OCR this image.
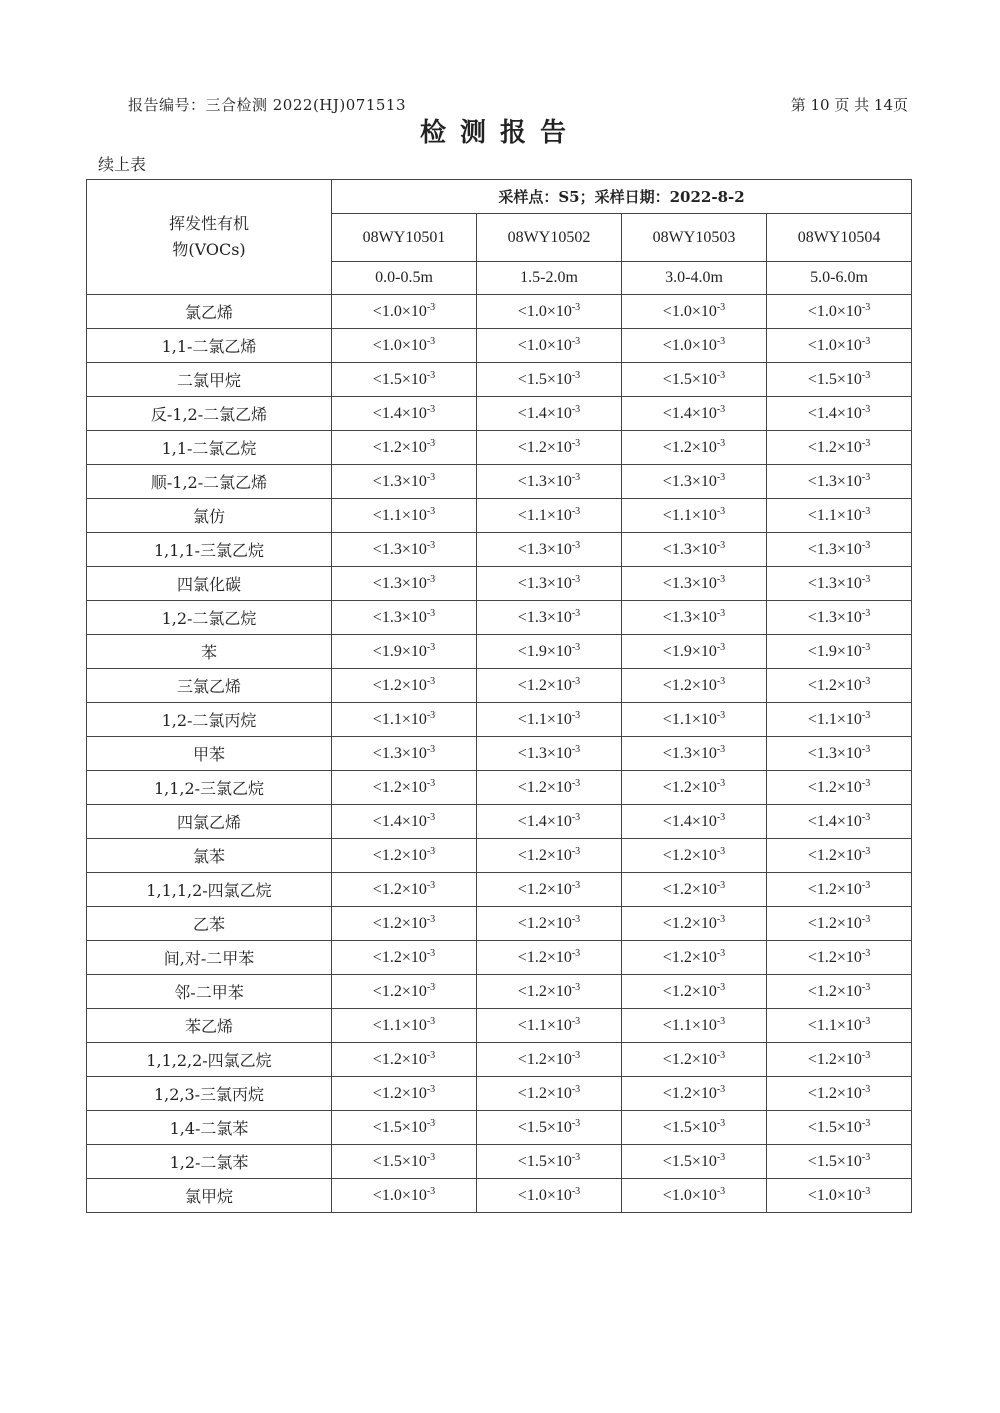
报告编号：三合检测 2022(HJ)071513	第 10 页 共 14页
检测报告
续上表
挥发性有机
物(VOCs)	采样点：S5；采样日期：2022-8-2			
	08WY10501	08WY10502	08WY10503	08WY10504
	0.0-0.5m	1.5-2.0m	3.0-4.0m	5.0-6.0m
氯乙烯	$<1.0\times 10^{-3}$	$<1.0\times 10^{-3}$	$<1.0\times 10^{-3}$	$<1.0\times 10^{-3}$
1,1-二氯乙烯	$<1.0\times 10^{-3}$	$<1.0\times 10^{-3}$	$<1.0\times 10^{-3}$	$<1.0\times 10^{-3}$
二氯甲烷	$<1.5\times 10^{-3}$	$<1.5\times 10^{-3}$	$<1.5\times 10^{-3}$	$<1.5\times 10^{-3}$
反-1,2-二氯乙烯	$<1.4\times 10^{-3}$	$<1.4\times 10^{-3}$	$<1.4\times 10^{-3}$	$<1.4\times 10^{-3}$
1,1-二氯乙烷	$<1.2\times 10^{-3}$	$<1.2\times 10^{-3}$	$<1.2\times 10^{-3}$	$<1.2\times 10^{-3}$
顺-1,2-二氯乙烯	$<1.3\times 10^{-3}$	$<1.3\times 10^{-3}$	$<1.3\times 10^{-3}$	$<1.3\times 10^{-3}$
氯仿	$<1.1\times 10^{-3}$	$<1.1\times 10^{-3}$	$<1.1\times 10^{-3}$	$<1.1\times 10^{-3}$
1,1,1-三氯乙烷	$<1.3\times 10^{-3}$	$<1.3\times 10^{-3}$	$<1.3\times 10^{-3}$	$<1.3\times 10^{-3}$
四氯化碳	$<1.3\times 10^{-3}$	$<1.3\times 10^{-3}$	$<1.3\times 10^{-3}$	$<1.3\times 10^{-3}$
1,2-二氯乙烷	$<1.3\times 10^{-3}$	$<1.3\times 10^{-3}$	$<1.3\times 10^{-3}$	$<1.3\times 10^{-3}$
苯	$<1.9\times 10^{-3}$	$<1.9\times 10^{-3}$	$<1.9\times 10^{-3}$	$<1.9\times 10^{-3}$
三氯乙烯	$<1.2\times 10^{-3}$	$<1.2\times 10^{-3}$	$<1.2\times 10^{-3}$	$<1.2\times 10^{-3}$
1,2-二氯丙烷	$<1.1\times 10^{-3}$	$<1.1\times 10^{-3}$	$<1.1\times 10^{-3}$	$<1.1\times 10^{-3}$
甲苯	$<1.3\times 10^{-3}$	$<1.3\times 10^{-3}$	$<1.3\times 10^{-3}$	$<1.3\times 10^{-3}$
1,1,2-三氯乙烷	$<1.2\times 10^{-3}$	$<1.2\times 10^{-3}$	$<1.2\times 10^{-3}$	$<1.2\times 10^{-3}$
四氯乙烯	$<1.4\times 10^{-3}$	$<1.4\times 10^{-3}$	$<1.4\times 10^{-3}$	$<1.4\times 10^{-3}$
氯苯	$<1.2\times 10^{-3}$	$<1.2\times 10^{-3}$	$<1.2\times 10^{-3}$	$<1.2\times 10^{-3}$
1,1,1,2-四氯乙烷	$<1.2\times 10^{-3}$	$<1.2\times 10^{-3}$	$<1.2\times 10^{-3}$	$<1.2\times 10^{-3}$
乙苯	$<1.2\times 10^{-3}$	$<1.2\times 10^{-3}$	$<1.2\times 10^{-3}$	$<1.2\times 10^{-3}$
间,对-二甲苯	$<1.2\times 10^{-3}$	$<1.2\times 10^{-3}$	$<1.2\times 10^{-3}$	$<1.2\times 10^{-3}$
邻-二甲苯	$<1.2\times 10^{-3}$	$<1.2\times 10^{-3}$	$<1.2\times 10^{-3}$	$<1.2\times 10^{-3}$
苯乙烯	$<1.1\times 10^{-3}$	$<1.1\times 10^{-3}$	$<1.1\times 10^{-3}$	$<1.1\times 10^{-3}$
1,1,2,2-四氯乙烷	$<1.2\times 10^{-3}$	$<1.2\times 10^{-3}$	$<1.2\times 10^{-3}$	$<1.2\times 10^{-3}$
1,2,3-三氯丙烷	$<1.2\times 10^{-3}$	$<1.2\times 10^{-3}$	$<1.2\times 10^{-3}$	$<1.2\times 10^{-3}$
1,4-二氯苯	$<1.5\times 10^{-3}$	$<1.5\times 10^{-3}$	$<1.5\times 10^{-3}$	$<1.5\times 10^{-3}$
1,2-二氯苯	$<1.5\times 10^{-3}$	$<1.5\times 10^{-3}$	$<1.5\times 10^{-3}$	$<1.5\times 10^{-3}$
氯甲烷	$<1.0\times 10^{-3}$	$<1.0\times 10^{-3}$	$<1.0\times 10^{-3}$	$<1.0\times 10^{-3}$
